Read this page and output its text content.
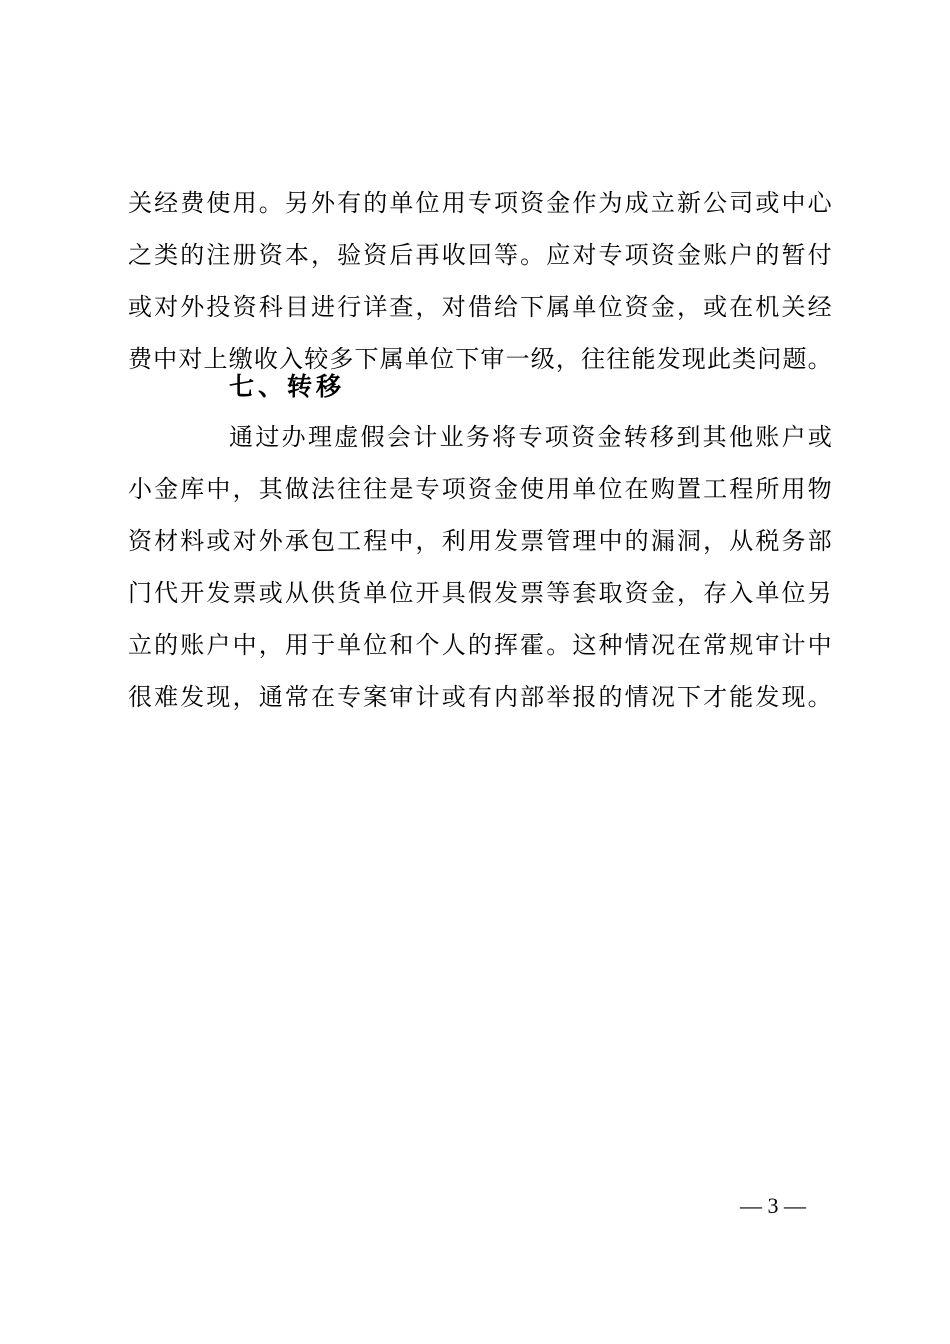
关 经 费 使 用 。 另 外 有 的 单 位 用 专 项 资 金 作 为 成 立 新 公 司 或 中 心
之 类 的 注 册 资 本 ， 验 资 后 再 收 回 等 。 应 对 专 项 资 金 账 户 的 暂 付
或 对 外 投 资 科 目 进 行 详 查 ， 对 借 给 下 属 单 位 资 金 ， 或 在 机 关 经
费 中 对 上 缴 收 入 较 多 下 属 单 位 下 审 一 级 ， 往 往 能 发 现 此 类 问 题 。
七、转移
通 过 办 理 虚 假 会 计 业 务 将 专 项 资 金 转 移 到 其 他 账 户 或
小 金 库 中 ， 其 做 法 往 往 是 专 项 资 金 使 用 单 位 在 购 置 工 程 所 用 物
资 材 料 或 对 外 承 包 工 程 中 ， 利 用 发 票 管 理 中 的 漏 洞 ， 从 税 务 部
门 代 开 发 票 或 从 供 货 单 位 开 具 假 发 票 等 套 取 资 金 ， 存 入 单 位 另
立 的 账 户 中 ， 用 于 单 位 和 个 人 的 挥 霍 。 这 种 情 况 在 常 规 审 计 中
很 难 发 现 ， 通 常 在 专 案 审 计 或 有 内 部 举 报 的 情 况 下 才 能 发 现 。
— 3 —
